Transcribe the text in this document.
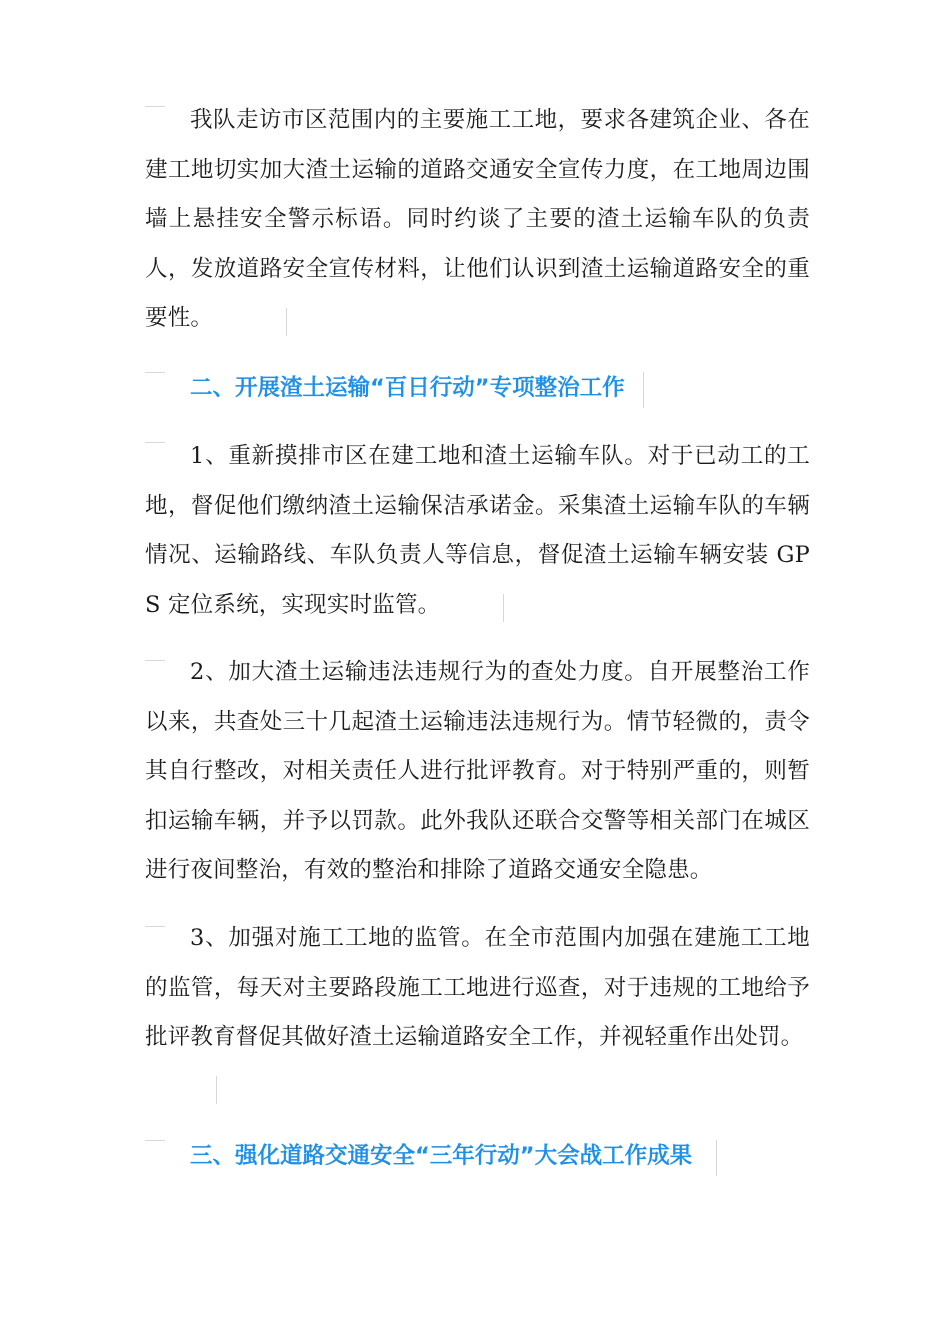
我队走访市区范围内的主要施工工地，要求各建筑企业、各在建工地切实加大渣土运输的道路交通安全宣传力度，在工地周边围墙上悬挂安全警示标语。同时约谈了主要的渣土运输车队的负责人，发放道路安全宣传材料，让他们认识到渣土运输道路安全的重要性。

二、开展渣土运输“百日行动”专项整治工作

1、重新摸排市区在建工地和渣土运输车队。对于已动工的工地，督促他们缴纳渣土运输保洁承诺金。采集渣土运输车队的车辆情况、运输路线、车队负责人等信息，督促渣土运输车辆安装 GPS 定位系统，实现实时监管。

2、加大渣土运输违法违规行为的查处力度。自开展整治工作以来，共查处三十几起渣土运输违法违规行为。情节轻微的，责令其自行整改，对相关责任人进行批评教育。对于特别严重的，则暂扣运输车辆，并予以罚款。此外我队还联合交警等相关部门在城区进行夜间整治，有效的整治和排除了道路交通安全隐患。

3、加强对施工工地的监管。在全市范围内加强在建施工工地的监管，每天对主要路段施工工地进行巡查，对于违规的工地给予批评教育督促其做好渣土运输道路安全工作，并视轻重作出处罚。

三、强化道路交通安全“三年行动”大会战工作成果
